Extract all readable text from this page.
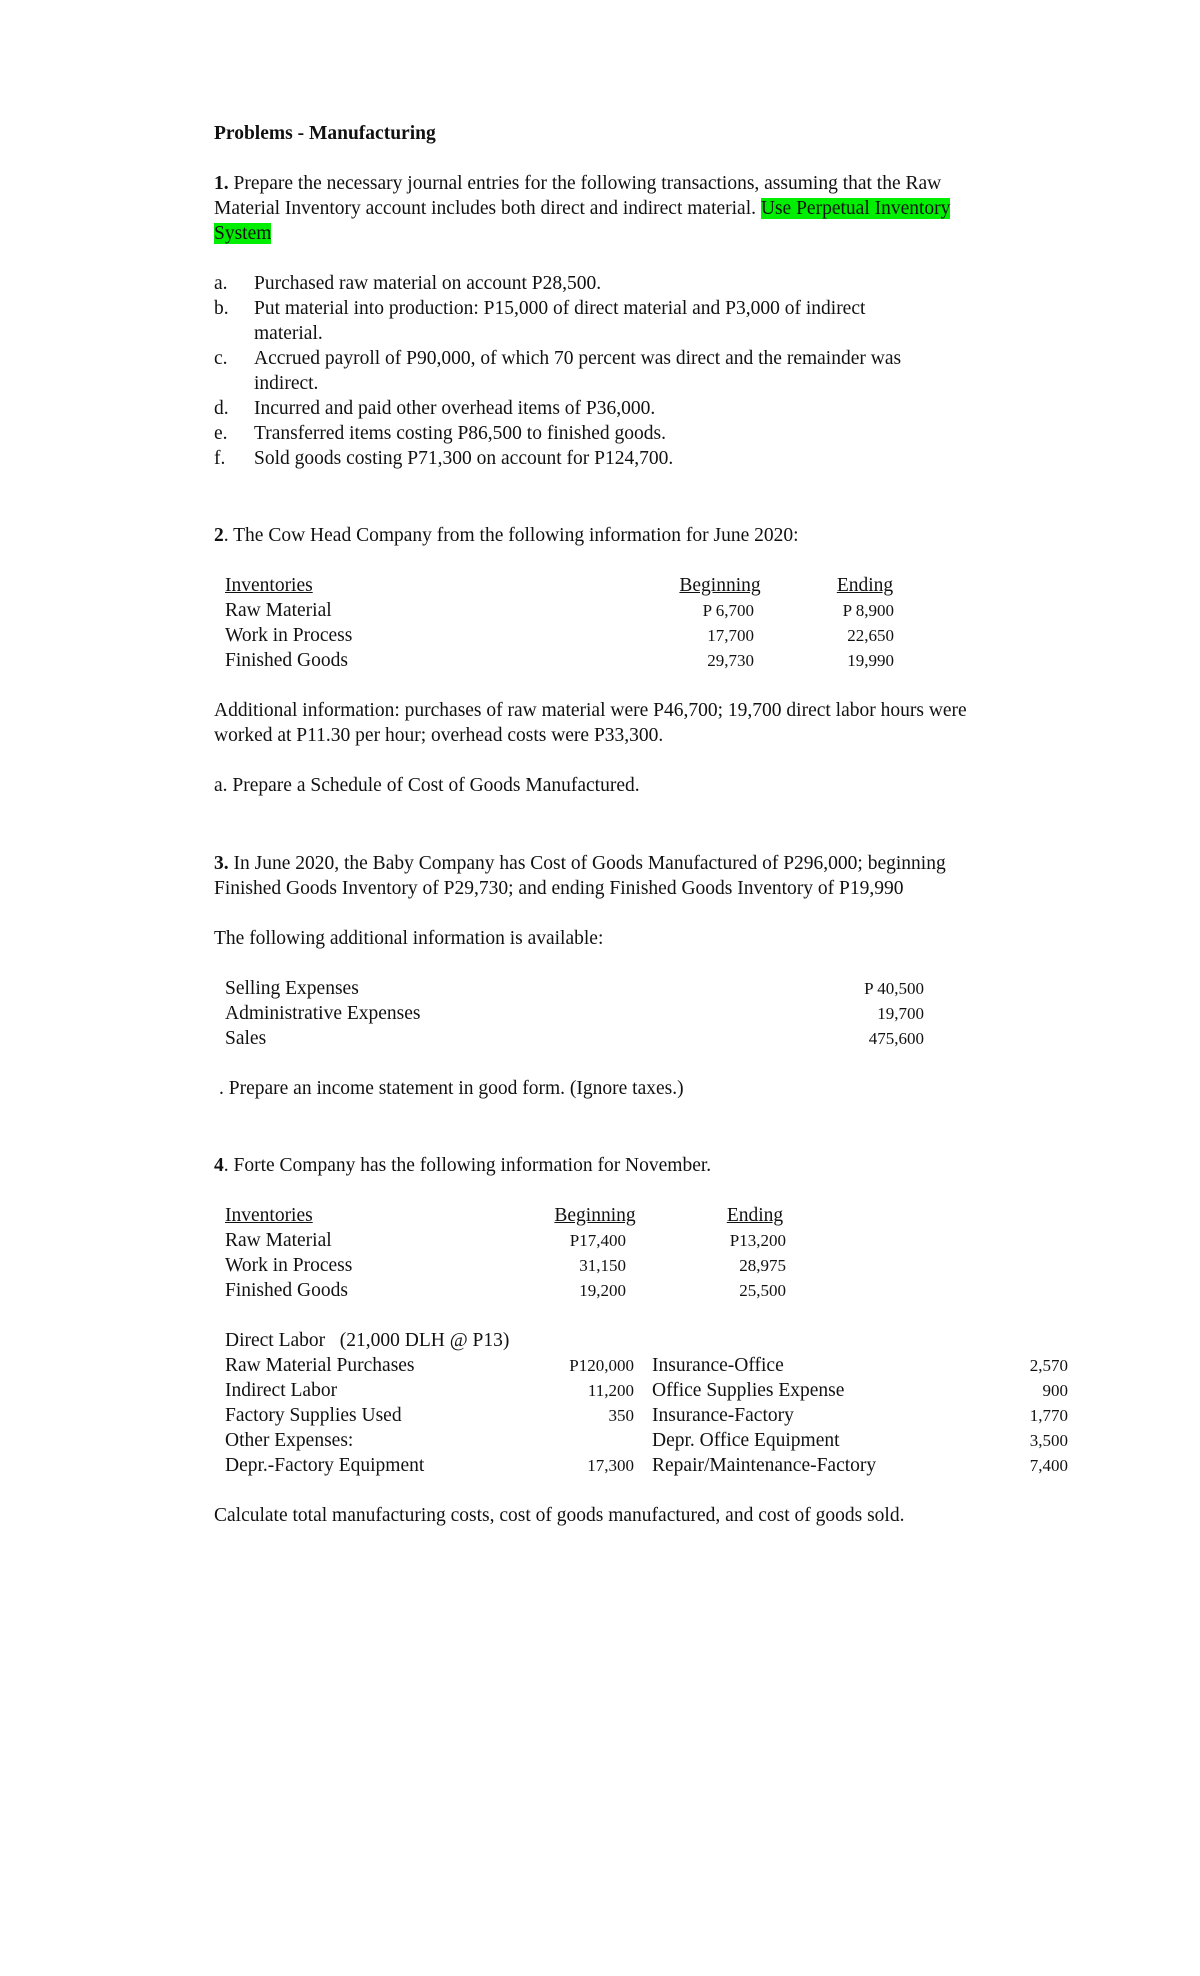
Problems - Manufacturing
1. Prepare the necessary journal entries for the following transactions, assuming that the Raw
Material Inventory account includes both direct and indirect material. Use Perpetual Inventory
System
a. Purchased raw material on account P28,500.
b. Put material into production: P15,000 of direct material and P3,000 of indirect
material.
c. Accrued payroll of P90,000, of which 70 percent was direct and the remainder was
indirect.
d. Incurred and paid other overhead items of P36,000.
e. Transferred items costing P86,500 to finished goods.
f. Sold goods costing P71,300 on account for P124,700.
2. The Cow Head Company from the following information for June 2020:
Inventories	Beginning	Ending
Raw Material	P 6,700	P 8,900
Work in Process	17,700	22,650
Finished Goods	29,730	19,990
Additional information: purchases of raw material were P46,700; 19,700 direct labor hours were
worked at P11.30 per hour; overhead costs were P33,300.
a. Prepare a Schedule of Cost of Goods Manufactured.
3. In June 2020, the Baby Company has Cost of Goods Manufactured of P296,000; beginning
Finished Goods Inventory of P29,730; and ending Finished Goods Inventory of P19,990
The following additional information is available:
Selling Expenses	P 40,500
Administrative Expenses	19,700
Sales	475,600
. Prepare an income statement in good form. (Ignore taxes.)
4. Forte Company has the following information for November.
Inventories	Beginning	Ending
Raw Material	P17,400	P13,200
Work in Process	31,150	28,975
Finished Goods	19,200	25,500
Direct Labor   (21,000 DLH @ P13)
Raw Material Purchases	P120,000 Insurance-Office	2,570
Indirect Labor	11,200 Office Supplies Expense	900
Factory Supplies Used	350 Insurance-Factory	1,770
Other Expenses:	Depr. Office Equipment	3,500
Depr.-Factory Equipment	17,300 Repair/Maintenance-Factory	7,400
Calculate total manufacturing costs, cost of goods manufactured, and cost of goods sold.
